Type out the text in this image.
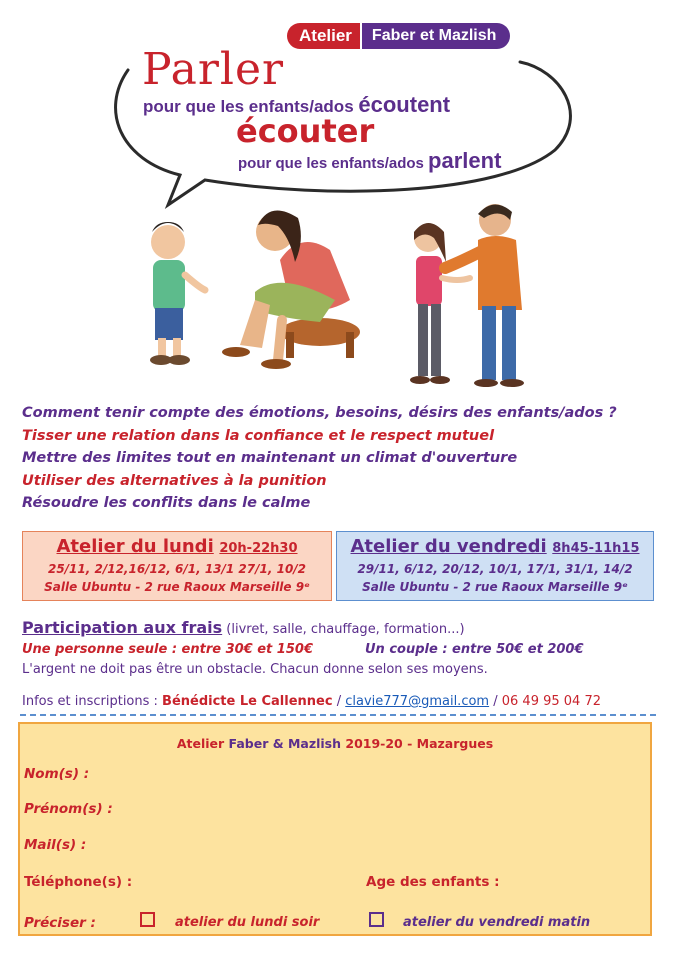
Atelier	Faber et Mazlish
Parler
pour que les enfants/ados écoutent
écouter
pour que les enfants/ados parlent
Comment tenir compte des émotions, besoins, désirs des enfants/ados ?
Tisser une relation dans la confiance et le respect mutuel
Mettre des limites tout en maintenant un climat d'ouverture
Utiliser des alternatives à la punition
Résoudre les conflits dans le calme
Atelier du lundi 20h-22h30
25/11, 2/12,16/12, 6/1, 13/1 27/1, 10/2
Salle Ubuntu - 2 rue Raoux Marseille 9ᵉ
Atelier du vendredi 8h45-11h15
29/11, 6/12, 20/12, 10/1, 17/1, 31/1, 14/2
Salle Ubuntu - 2 rue Raoux Marseille 9ᵉ
Participation aux frais (livret, salle, chauffage, formation...)
Une personne seule : entre 30€ et 150€	Un couple : entre 50€ et 200€
L'argent ne doit pas être un obstacle. Chacun donne selon ses moyens.
Infos et inscriptions : Bénédicte Le Callennec / clavie777@gmail.com / 06 49 95 04 72
Atelier Faber & Mazlish 2019-20 - Mazargues
Nom(s) :
Prénom(s) :
Mail(s) :
Téléphone(s) :	Age des enfants :
Préciser :	atelier du lundi soir	atelier du vendredi matin
